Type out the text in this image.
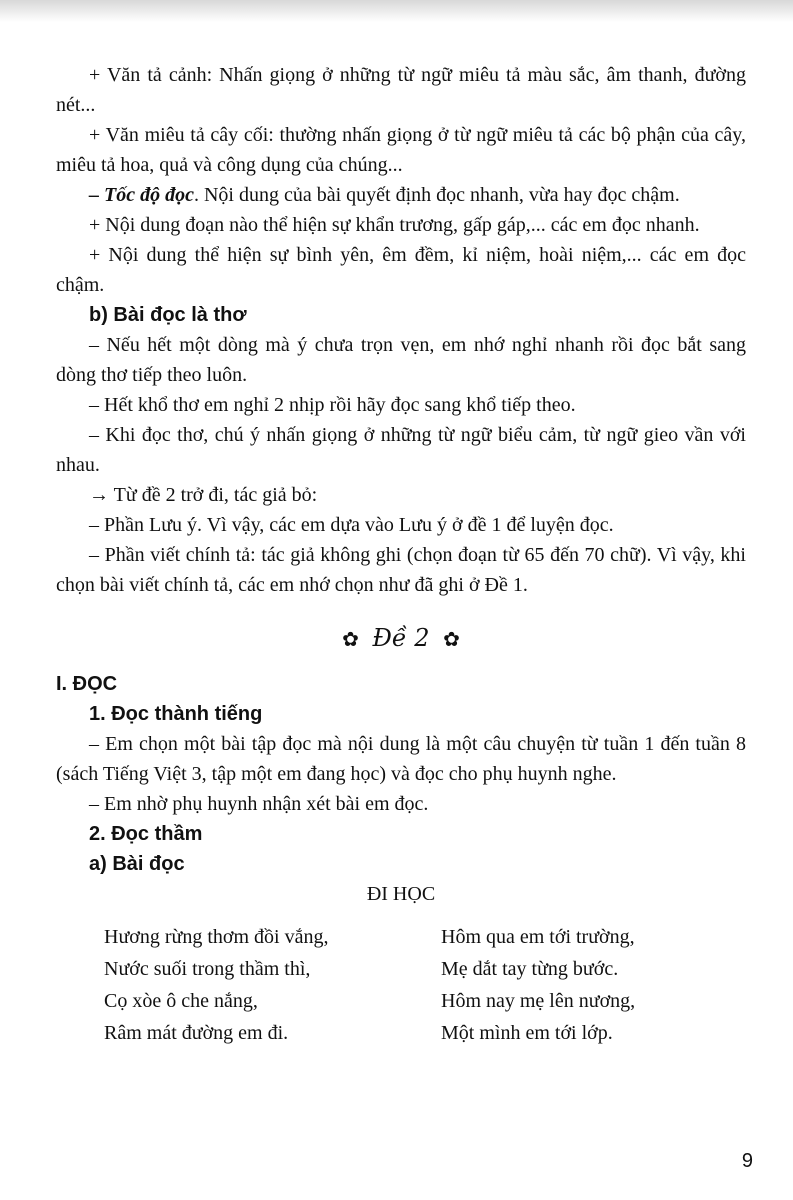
+ Văn tả cảnh: Nhấn giọng ở những từ ngữ miêu tả màu sắc, âm thanh, đường nét...

+ Văn miêu tả cây cối: thường nhấn giọng ở từ ngữ miêu tả các bộ phận của cây, miêu tả hoa, quả và công dụng của chúng...

– Tốc độ đọc. Nội dung của bài quyết định đọc nhanh, vừa hay đọc chậm.

+ Nội dung đoạn nào thể hiện sự khẩn trương, gấp gáp,... các em đọc nhanh.

+ Nội dung thể hiện sự bình yên, êm đềm, kỉ niệm, hoài niệm,... các em đọc chậm.

b) Bài đọc là thơ

– Nếu hết một dòng mà ý chưa trọn vẹn, em nhớ nghỉ nhanh rồi đọc bắt sang dòng thơ tiếp theo luôn.

– Hết khổ thơ em nghỉ 2 nhịp rồi hãy đọc sang khổ tiếp theo.

– Khi đọc thơ, chú ý nhấn giọng ở những từ ngữ biểu cảm, từ ngữ gieo vần với nhau.

→ Từ đề 2 trở đi, tác giả bỏ:

– Phần Lưu ý. Vì vậy, các em dựa vào Lưu ý ở đề 1 để luyện đọc.

– Phần viết chính tả: tác giả không ghi (chọn đoạn từ 65 đến 70 chữ). Vì vậy, khi chọn bài viết chính tả, các em nhớ chọn như đã ghi ở Đề 1.

✿ Đề 2 ✿

I. ĐỌC

1. Đọc thành tiếng

– Em chọn một bài tập đọc mà nội dung là một câu chuyện từ tuần 1 đến tuần 8 (sách Tiếng Việt 3, tập một em đang học) và đọc cho phụ huynh nghe.

– Em nhờ phụ huynh nhận xét bài em đọc.

2. Đọc thầm

a) Bài đọc

ĐI HỌC

Hương rừng thơm đồi vắng,

Nước suối trong thầm thì,

Cọ xòe ô che nắng,

Râm mát đường em đi.

Hôm qua em tới trường,

Mẹ dắt tay từng bước.

Hôm nay mẹ lên nương,

Một mình em tới lớp.

9
